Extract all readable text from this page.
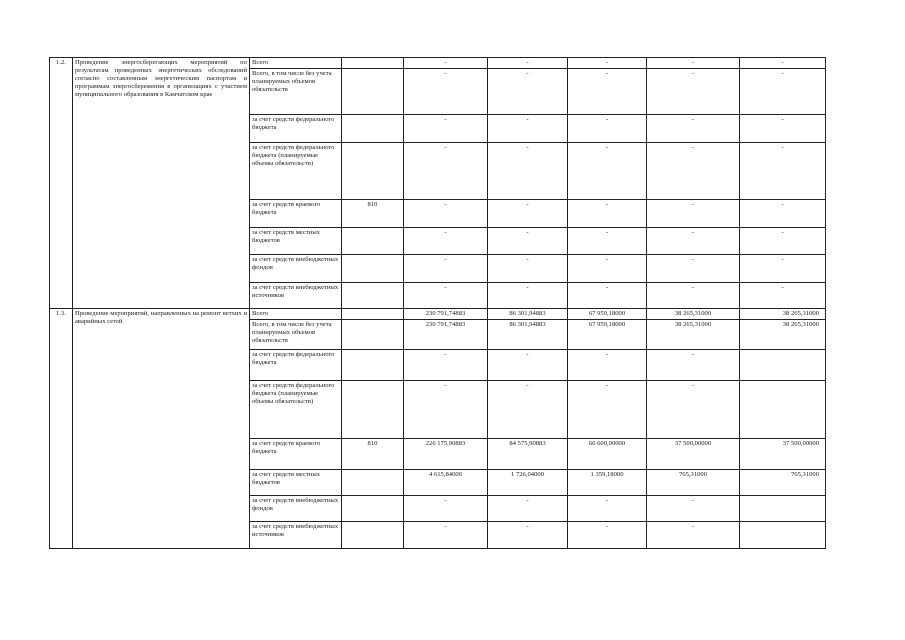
1.2.	Проведение энергосберегающих мероприятий по результатам проведенных энергетических обследований согласно составленным энергетическим паспортам и программам энергосбережения в организациях с участием муниципального образования в Камчатском крае	Всего		-	-	-	-	-
		Всего, в том числе без учета планируемых объемов обязательств		-	-	-	-	-
		за счет средств федерального бюджета		-	-	-	-	-
		за счет средств федерального бюджета (планируемые объемы обязательств)		-	-	-	-	-
		за счет средств краевого бюджета	810	-	-	-	-	-
		за счет средств местных бюджетов		-	-	-	-	-
		за счет средств внебюджетных фондов		-	-	-	-	-
		за счет средств внебюджетных источников		-	-	-	-	-
1.3.	Проведение мероприятий, направленных на ремонт ветхих и аварийных сетей	Всего		230 791,74883	86 301,94883	67 959,18000	38 265,31000	38 265,31000
		Всего, в том числе без учета планируемых объемов обязательств		230 791,74883	86 301,94883	67 959,18000	38 265,31000	38 265,31000
		за счет средств федерального бюджета		-	-	-	-	
		за счет средств федерального бюджета (планируемые объемы обязательств)		-	-	-	-	
		за счет средств краевого бюджета	810	226 175,90883	84 575,90883	66 600,00000	37 500,00000	37 500,00000
		за счет средств местных бюджетов		4 615,84000	1 726,04000	1 359,18000	765,31000	765,31000
		за счет средств внебюджетных фондов		-	-	-	-	
		за счет средств внебюджетных источников		-	-	-	-	
